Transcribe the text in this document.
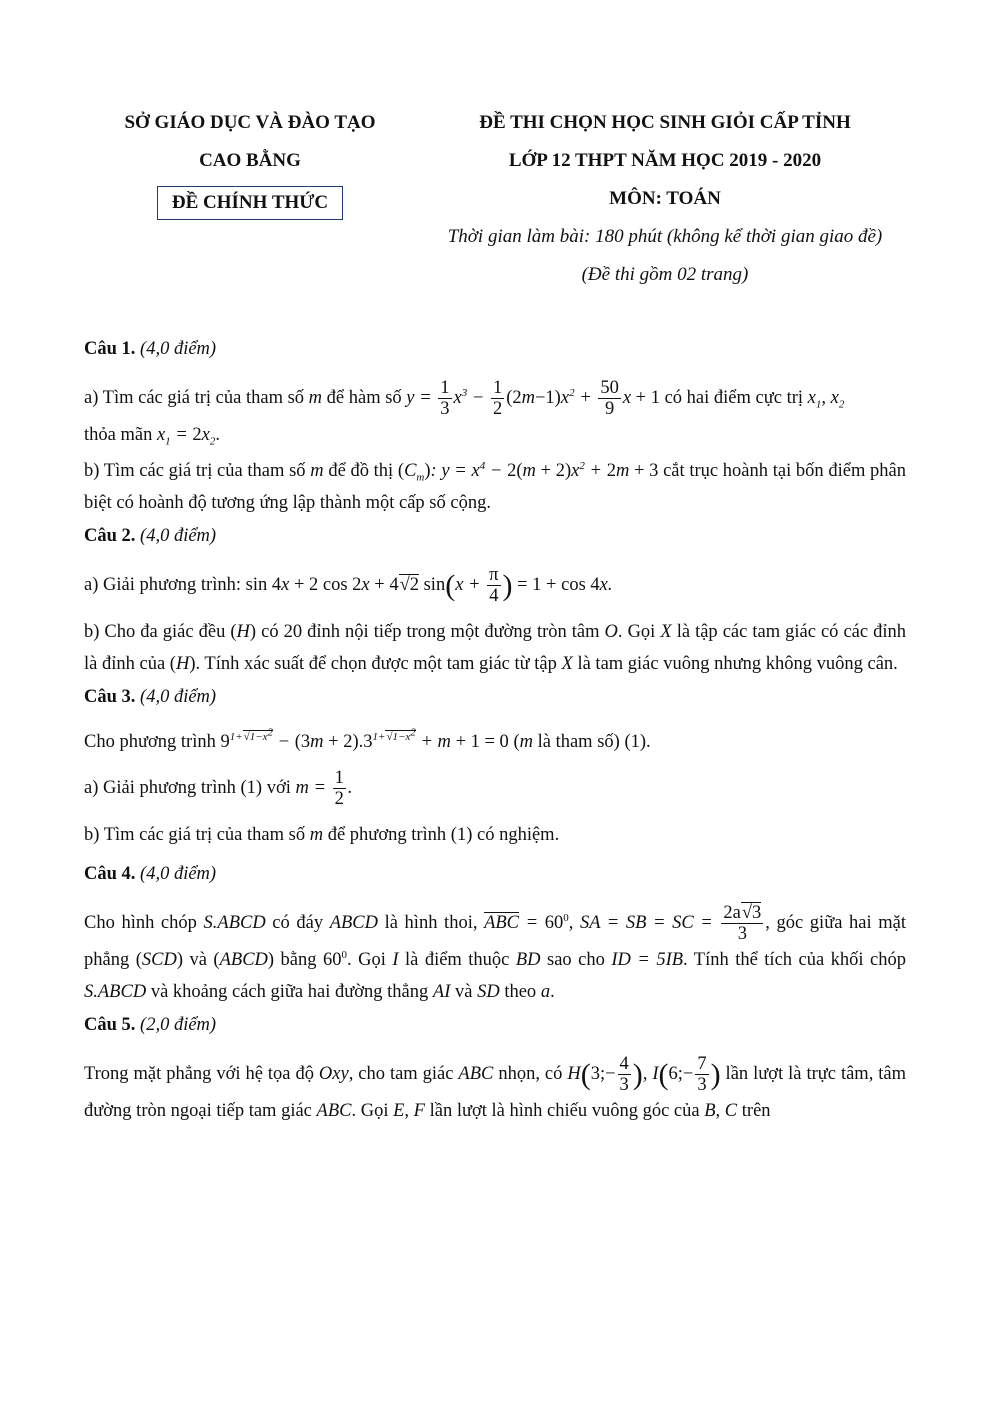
SỞ GIÁO DỤC VÀ ĐÀO TẠO
CAO BẰNG
ĐỀ CHÍNH THỨC
ĐỀ THI CHỌN HỌC SINH GIỎI CẤP TỈNH
LỚP 12 THPT NĂM HỌC 2019 - 2020
MÔN: TOÁN
Thời gian làm bài: 180 phút (không kể thời gian giao đề)
(Đề thi gồm 02 trang)
Câu 1. (4,0 điểm)
a) Tìm các giá trị của tham số m để hàm số $y = \frac{1}{3} x^3 - \frac{1}{2} (2m-1)x^2 + \frac{50}{9}$ x + 1 có hai điểm cực trị $x_1$, $x_2$
thỏa mãn $x_1 = 2x_2$.
b) Tìm các giá trị của tham số m để đồ thị $(C_m)$: $y = x^4 - 2(m + 2)x^2 + 2m + 3$ cắt trục hoành tại bốn điểm phân biệt có hoành độ tương ứng lập thành một cấp số cộng.
Câu 2. (4,0 điểm)
a) Giải phương trình: sin 4x + 2 cos 2x + 4√2 $\sin(x + \frac{\pi}{4}$ ) = 1 + cos 4x.
b) Cho đa giác đều (H) có 20 đỉnh nội tiếp trong một đường tròn tâm O. Gọi X là tập các tam giác có các đỉnh là đỉnh của (H). Tính xác suất để chọn được một tam giác từ tập X là tam giác vuông nhưng không vuông cân.
Câu 3. (4,0 điểm)
Cho phương trình $9^{1+√1-x^2} - (3m + 2).3^{1+√1-x^2} + m + 1 = 0$ (m là tham số) (1).
a) Giải phương trình (1) với $m = \frac{1}{2}$ .
b) Tìm các giá trị của tham số m để phương trình (1) có nghiệm.
Câu 4. (4,0 điểm)
Cho hình chóp S.ABCD có đáy ABCD là hình thoi, $\overline{ABC} = 60^0$, SA = SB = SC = $\frac{2a√3}{3}$ , góc giữa hai mặt phẳng (SCD) và (ABCD) bằng $60^0$. Gọi I là điểm thuộc BD sao cho ID = 5IB. Tính thể tích của khối chóp S.ABCD và khoảng cách giữa hai đường thẳng AI và SD theo a.
Câu 5. (2,0 điểm)
Trong mặt phẳng với hệ tọa độ Oxy, cho tam giác ABC nhọn, có H(3;− $\frac{4}{3}$ ), I(6;− $\frac{7}{3}$ ) lần lượt là trực tâm, tâm đường tròn ngoại tiếp tam giác ABC. Gọi E, F lần lượt là hình chiếu vuông góc của B, C trên
